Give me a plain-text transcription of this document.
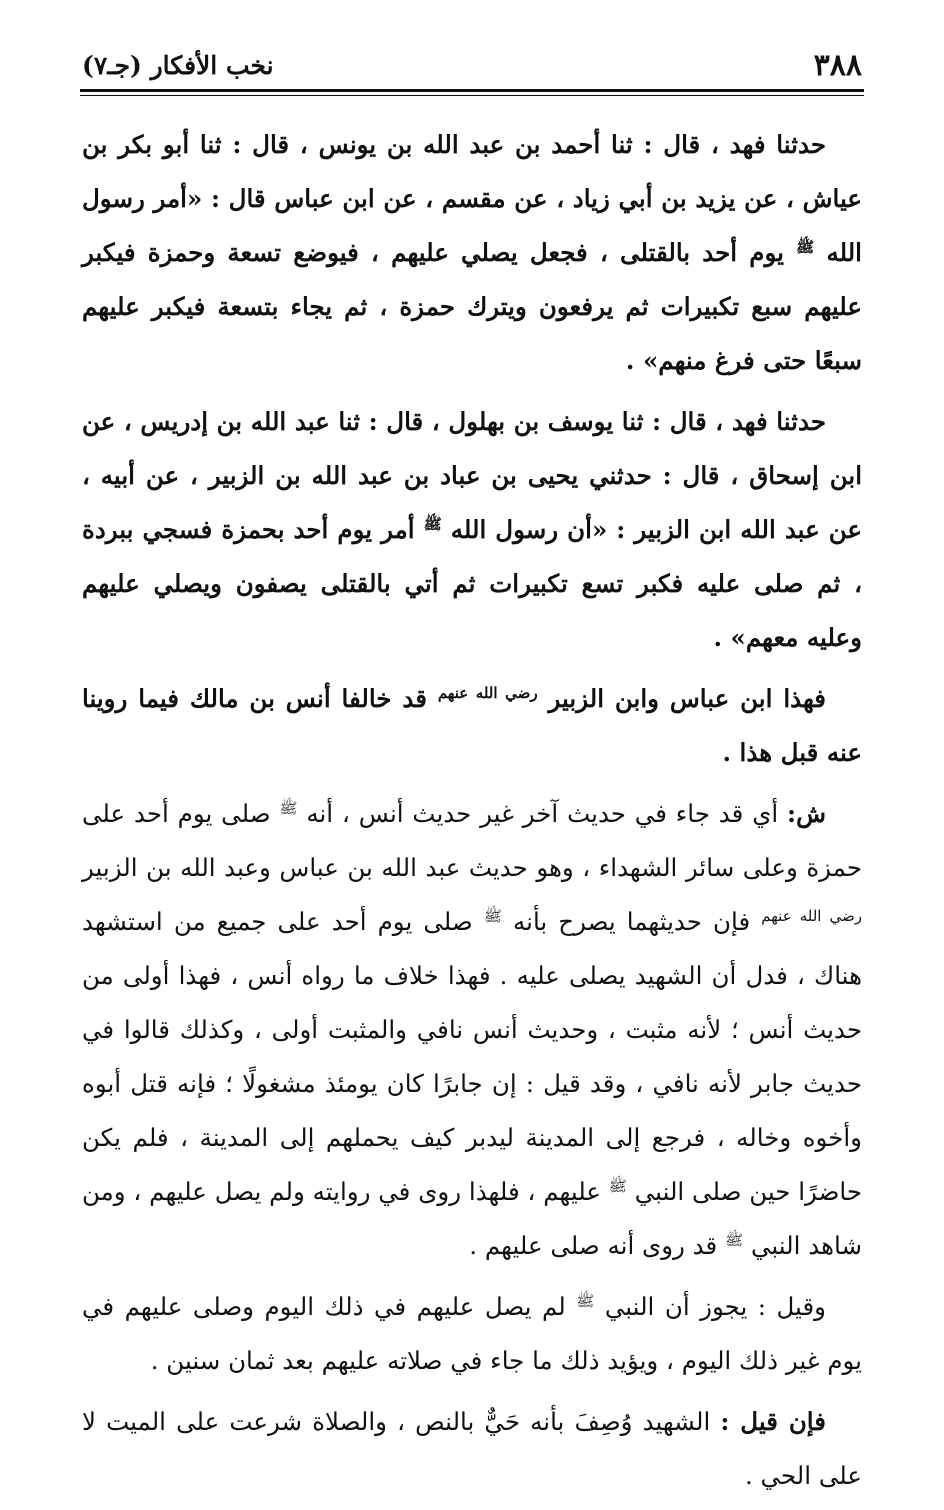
٣٨٨
نخب الأفكار (جـ٧)

حدثنا فهد ، قال : ثنا أحمد بن عبد الله بن يونس ، قال : ثنا أبو بكر بن عياش ، عن يزيد بن أبي زياد ، عن مقسم ، عن ابن عباس قال : «أمر رسول الله $^ﷺ$ يوم أحد بالقتلى ، فجعل يصلي عليهم ، فيوضع تسعة وحمزة فيكبر عليهم سبع تكبيرات ثم يرفعون ويترك حمزة ، ثم يجاء بتسعة فيكبر عليهم سبعًا حتى فرغ منهم» .

حدثنا فهد ، قال : ثنا يوسف بن بهلول ، قال : ثنا عبد الله بن إدريس ، عن ابن إسحاق ، قال : حدثني يحيى بن عباد بن عبد الله بن الزبير ، عن أبيه ، عن عبد الله ابن الزبير : «أن رسول الله $^ﷺ$ أمر يوم أحد بحمزة فسجي ببردة ، ثم صلى عليه فكبر تسع تكبيرات ثم أتي بالقتلى يصفون ويصلي عليهم وعليه معهم» .

فهذا ابن عباس وابن الزبير $^{رضي الله عنهم}$ قد خالفا أنس بن مالك فيما روينا عنه قبل هذا .

ش: أي قد جاء في حديث آخر غير حديث أنس ، أنه $^ﷺ$ صلى يوم أحد على حمزة وعلى سائر الشهداء ، وهو حديث عبد الله بن عباس وعبد الله بن الزبير $^{رضي الله عنهم}$ فإن حديثهما يصرح بأنه $^ﷺ$ صلى يوم أحد على جميع من استشهد هناك ، فدل أن الشهيد يصلى عليه . فهذا خلاف ما رواه أنس ، فهذا أولى من حديث أنس ؛ لأنه مثبت ، وحديث أنس نافي والمثبت أولى ، وكذلك قالوا في حديث جابر لأنه نافي ، وقد قيل : إن جابرًا كان يومئذ مشغولًا ؛ فإنه قتل أبوه وأخوه وخاله ، فرجع إلى المدينة ليدبر كيف يحملهم إلى المدينة ، فلم يكن حاضرًا حين صلى النبي $^ﷺ$ عليهم ، فلهذا روى في روايته ولم يصل عليهم ، ومن شاهد النبي $^ﷺ$ قد روى أنه صلى عليهم .

وقيل : يجوز أن النبي $^ﷺ$ لم يصل عليهم في ذلك اليوم وصلى عليهم في يوم غير ذلك اليوم ، ويؤيد ذلك ما جاء في صلاته عليهم بعد ثمان سنين .

فإن قيل : الشهيد وُصِفَ بأنه حَيٌّ بالنص ، والصلاة شرعت على الميت لا على الحي .
